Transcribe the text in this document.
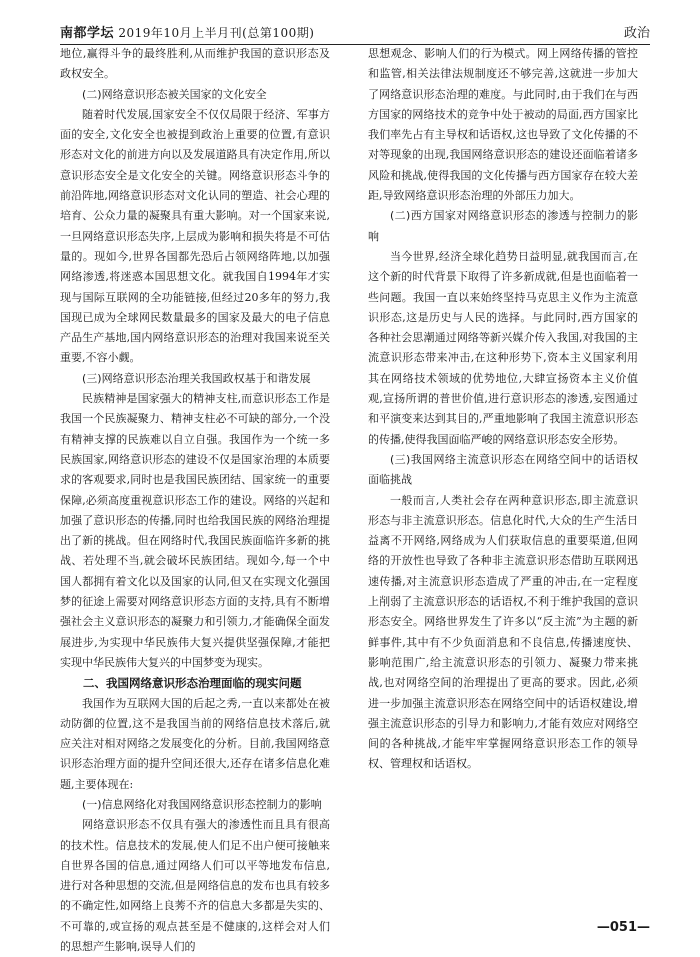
南都学坛 2019年10月上半月刊(总第100期)	政治

地位,赢得斗争的最终胜利,从而维护我国的意识形态及政权安全。

(二)网络意识形态被关国家的文化安全

随着时代发展,国家安全不仅仅局限于经济、军事方面的安全,文化安全也被提到政治上重要的位置,有意识形态对文化的前进方向以及发展道路具有决定作用,所以意识形态安全是文化安全的关键。网络意识形态斗争的前沿阵地,网络意识形态对文化认同的塑造、社会心理的培育、公众力量的凝聚具有重大影响。对一个国家来说,一旦网络意识形态失序,上层成为影响和损失将是不可估量的。现如今,世界各国都先恐后占领网络阵地,以加强网络渗透,将迷惑本国思想文化。就我国自1994年才实现与国际互联网的全功能链接,但经过20多年的努力,我国现已成为全球网民数量最多的国家及最大的电子信息产品生产基地,国内网络意识形态的治理对我国来说至关重要,不容小觑。

(三)网络意识形态治理关我国政权基于和谐发展

民族精神是国家强大的精神支柱,而意识形态工作是我国一个民族凝聚力、精神支柱必不可缺的部分,一个没有精神支撑的民族难以自立自强。我国作为一个统一多民族国家,网络意识形态的建设不仅是国家治理的本质要求的客观要求,同时也是我国民族团结、国家统一的重要保障,必须高度重视意识形态工作的建设。网络的兴起和加强了意识形态的传播,同时也给我国民族的网络治理提出了新的挑战。但在网络时代,我国民族面临许多新的挑战、若处理不当,就会破坏民族团结。现如今,每一个中国人都拥有着文化以及国家的认同,但又在实现文化强国梦的征途上需要对网络意识形态方面的支持,具有不断增强社会主义意识形态的凝聚力和引领力,才能确保全面发展进步,为实现中华民族伟大复兴提供坚强保障,才能把实现中华民族伟大复兴的中国梦变为现实。

二、我国网络意识形态治理面临的现实问题

我国作为互联网大国的后起之秀,一直以来都处在被动防御的位置,这不是我国当前的网络信息技术落后,就应关注对相对网络之发展变化的分析。目前,我国网络意识形态治理方面的提升空间还很大,还存在诸多信息化难题,主要体现在:

(一)信息网络化对我国网络意识形态控制力的影响

网络意识形态不仅具有强大的渗透性而且具有很高的技术性。信息技术的发展,使人们足不出户便可接触来自世界各国的信息,通过网络人们可以平等地发布信息,进行对各种思想的交流,但是网络信息的发布也具有较多的不确定性,如网络上良莠不齐的信息大多都是失实的、不可靠的,或宣扬的观点甚至是不健康的,这样会对人们的思想产生影响,误导人们的

思想观念、影响人们的行为模式。网上网络传播的管控和监管,相关法律法规制度还不够完善,这就进一步加大了网络意识形态治理的难度。与此同时,由于我们在与西方国家的网络技术的竞争中处于被动的局面,西方国家比我们率先占有主导权和话语权,这也导致了文化传播的不对等现象的出现,我国网络意识形态的建设还面临着诸多风险和挑战,使得我国的文化传播与西方国家存在较大差距,导致网络意识形态治理的外部压力加大。

(二)西方国家对网络意识形态的渗透与控制力的影响

当今世界,经济全球化趋势日益明显,就我国而言,在这个新的时代背景下取得了许多新成就,但是也面临着一些问题。我国一直以来始终坚持马克思主义作为主流意识形态,这是历史与人民的选择。与此同时,西方国家的各种社会思潮通过网络等新兴媒介传入我国,对我国的主流意识形态带来冲击,在这种形势下,资本主义国家利用其在网络技术领域的优势地位,大肆宣扬资本主义价值观,宣扬所谓的普世价值,进行意识形态的渗透,妄图通过和平演变来达到其目的,严重地影响了我国主流意识形态的传播,使得我国面临严峻的网络意识形态安全形势。

(三)我国网络主流意识形态在网络空间中的话语权面临挑战

一般而言,人类社会存在两种意识形态,即主流意识形态与非主流意识形态。信息化时代,大众的生产生活日益离不开网络,网络成为人们获取信息的重要渠道,但网络的开放性也导致了各种非主流意识形态借助互联网迅速传播,对主流意识形态造成了严重的冲击,在一定程度上削弱了主流意识形态的话语权,不利于维护我国的意识形态安全。网络世界发生了许多以“反主流”为主题的新鲜事件,其中有不少负面消息和不良信息,传播速度快、影响范围广,给主流意识形态的引领力、凝聚力带来挑战,也对网络空间的治理提出了更高的要求。因此,必须进一步加强主流意识形态在网络空间中的话语权建设,增强主流意识形态的引导力和影响力,才能有效应对网络空间的各种挑战,才能牢牢掌握网络意识形态工作的领导权、管理权和话语权。

—051—
